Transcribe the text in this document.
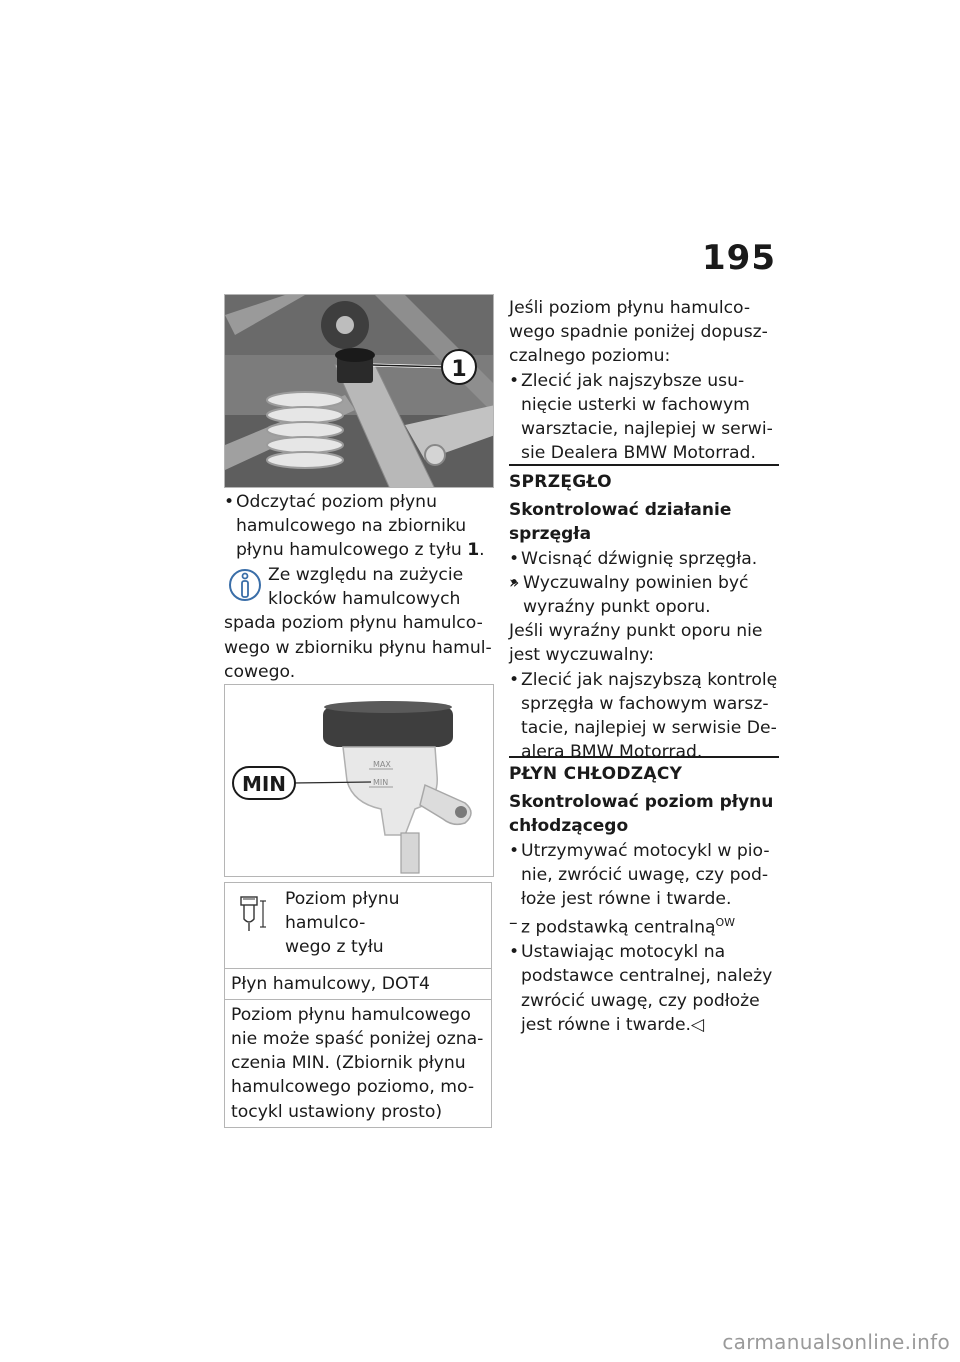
195
1

• Odczytać poziom płynu
hamulcowego na zbiorniku
płynu hamulcowego z tyłu 1.

Ze względu na zużycie

klocków hamulcowych

spada poziom płynu hamulco-

wego w zbiorniku płynu hamul-

cowego.

MAX
MIN
MIN

Poziom płynu hamulco-

wego z tyłu

Płyn hamulcowy, DOT4

Poziom płynu hamulcowego

nie może spaść poniżej ozna-

czenia MIN. (Zbiornik płynu

hamulcowego poziomo, mo-

tocykl ustawiony prosto)

Jeśli poziom płynu hamulco-

wego spadnie poniżej dopusz-

czalnego poziomu:

• Zlecić jak najszybsze usu-
nięcie usterki w fachowym
warsztacie, najlepiej w serwi-
sie Dealera BMW Motorrad.

SPRZĘGŁO

Skontrolować działanie

sprzęgła

• Wcisnąć dźwignię sprzęgła.

• » Wyczuwalny powinien być
wyraźny punkt oporu.

Jeśli wyraźny punkt oporu nie

jest wyczuwalny:

• Zlecić jak najszybszą kontrolę
sprzęgła w fachowym warsz-
tacie, najlepiej w serwisie De-
alera BMW Motorrad.

PŁYN CHŁODZĄCY

Skontrolować poziom płynu

chłodzącego

• Utrzymywać motocykl w pio-
nie, zwrócić uwagę, czy pod-
łoże jest równe i twarde.

– z podstawką centralną$^{OW}$

• Ustawiając motocykl na
podstawce centralnej, należy
zwrócić uwagę, czy podłoże
jest równe i twarde.◁

carmanualsonline.info
